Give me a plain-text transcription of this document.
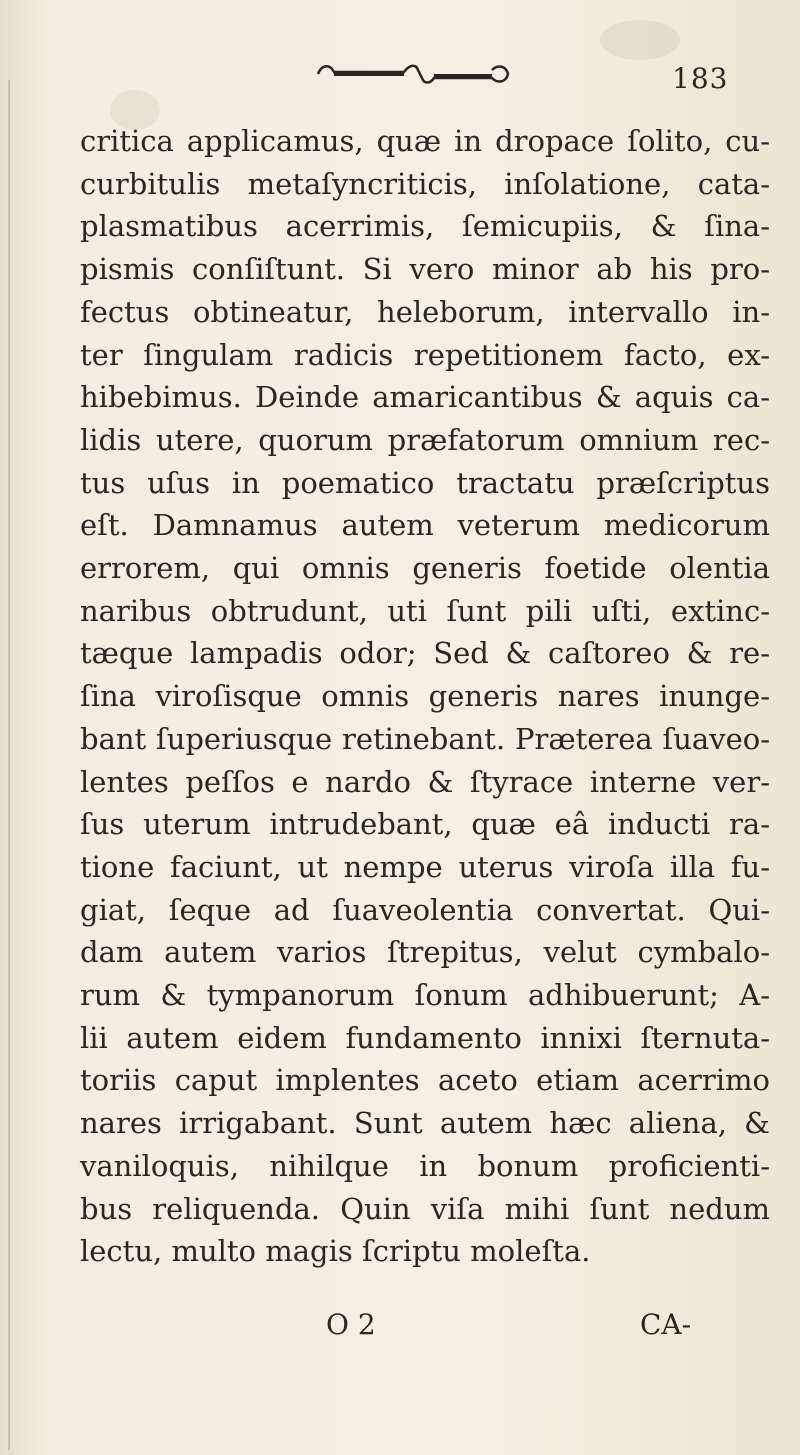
183
critica applicamus, quæ in dropace ſolito, cu-
curbitulis metaſyncriticis, inſolatione, cata-
plasmatibus acerrimis, ſemicupiis, & ſina-
pismis conſiſtunt. Si vero minor ab his pro-
fectus obtineatur, heleborum, intervallo in-
ter ſingulam radicis repetitionem facto, ex-
hibebimus. Deinde amaricantibus & aquis ca-
lidis utere, quorum præfatorum omnium rec-
tus uſus in poematico tractatu præſcriptus
eſt. Damnamus autem veterum medicorum
errorem, qui omnis generis foetide olentia
naribus obtrudunt, uti ſunt pili uſti, extinc-
tæque lampadis odor; Sed & caſtoreo & re-
ſina viroſisque omnis generis nares inunge-
bant ſuperiusque retinebant. Præterea ſuaveo-
lentes peſſos e nardo & ſtyrace interne ver-
ſus uterum intrudebant, quæ eâ inducti ra-
tione faciunt, ut nempe uterus viroſa illa fu-
giat, ſeque ad ſuaveolentia convertat. Qui-
dam autem varios ſtrepitus, velut cymbalo-
rum & tympanorum ſonum adhibuerunt; A-
lii autem eidem fundamento innixi ſternuta-
toriis caput implentes aceto etiam acerrimo
nares irrigabant. Sunt autem hæc aliena, &
vaniloquis, nihilque in bonum proficienti-
bus reliquenda. Quin viſa mihi ſunt nedum
lectu, multo magis ſcriptu moleſta.
O 2	CA-
